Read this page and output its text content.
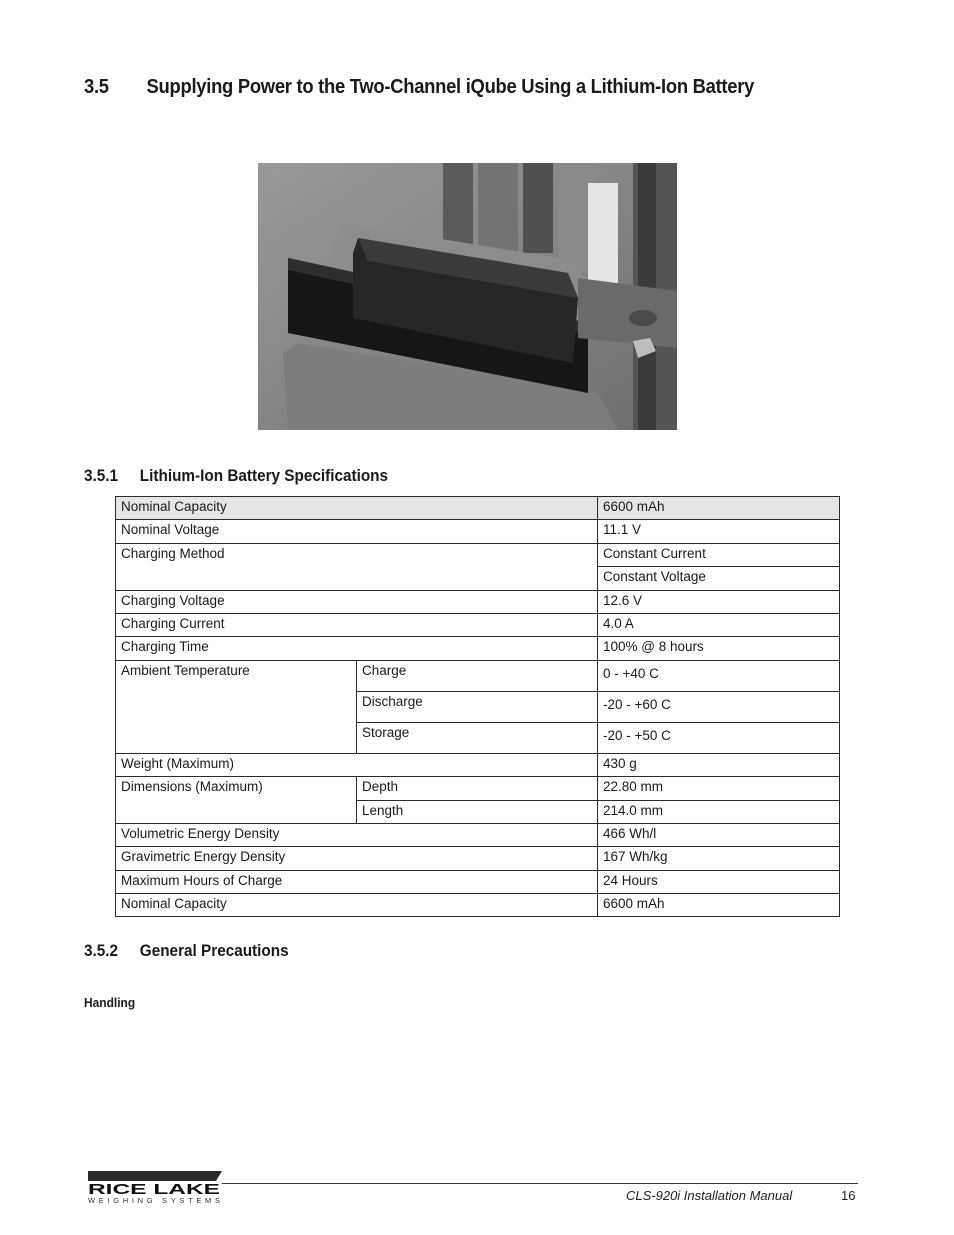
3.5 Supplying Power to the Two-Channel iQube Using a Lithium-Ion Battery
3.5.1 Lithium-Ion Battery Specifications
Nominal Capacity		6600 mAh
Nominal Voltage		11.1 V
Charging Method		Constant Current
		Constant Voltage
Charging Voltage		12.6 V
Charging Current		4.0 A
Charging Time		100% @ 8 hours
Ambient Temperature	Charge	0 - +40 C
	Discharge	-20 - +60 C
	Storage	-20 - +50 C
Weight (Maximum)		430 g
Dimensions (Maximum)	Depth	22.80 mm
	Length	214.0 mm
Volumetric Energy Density		466 Wh/l
Gravimetric Energy Density		167 Wh/kg
Maximum Hours of Charge		24 Hours
Nominal Capacity		6600 mAh
3.5.2 General Precautions
Handling
RICE LAKE
WEIGHING SYSTEMS	CLS-920i Installation Manual	16
